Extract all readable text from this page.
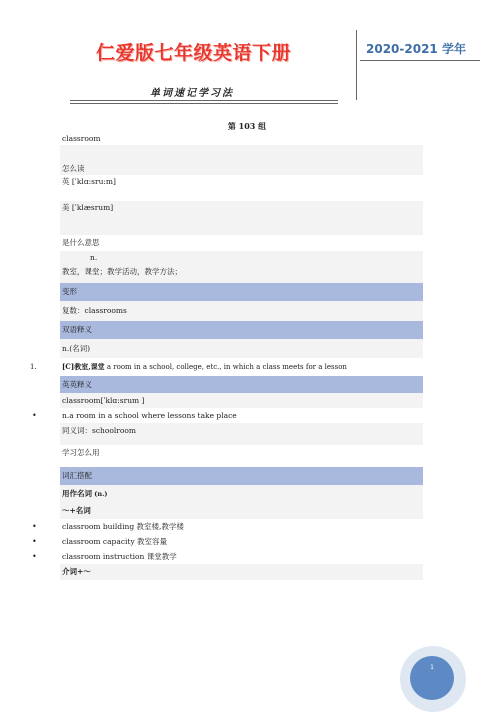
仁爱版七年级英语下册
单词速记学习法
2020-2021 学年
第 103 组
classroom
怎么读
英 [ˈklɑ:sru:m]
美 [ˈklæsrum]
是什么意思
n.
教室，课堂；教学活动，教学方法；
变形
复数：classrooms
双语释义
n.(名词)
1.	[C]教室,课堂 a room in a school, college, etc., in which a class meets for a lesson
英英释义
classroom[ˈklɑ:srum ]
• n.a room in a school where lessons take place
同义词：schoolroom
学习怎么用
词汇搭配
用作名词 (n.)
～+名词
• classroom building 教室楼,教学楼
• classroom capacity 教室容量
• classroom instruction 课堂教学
介词+～
1
